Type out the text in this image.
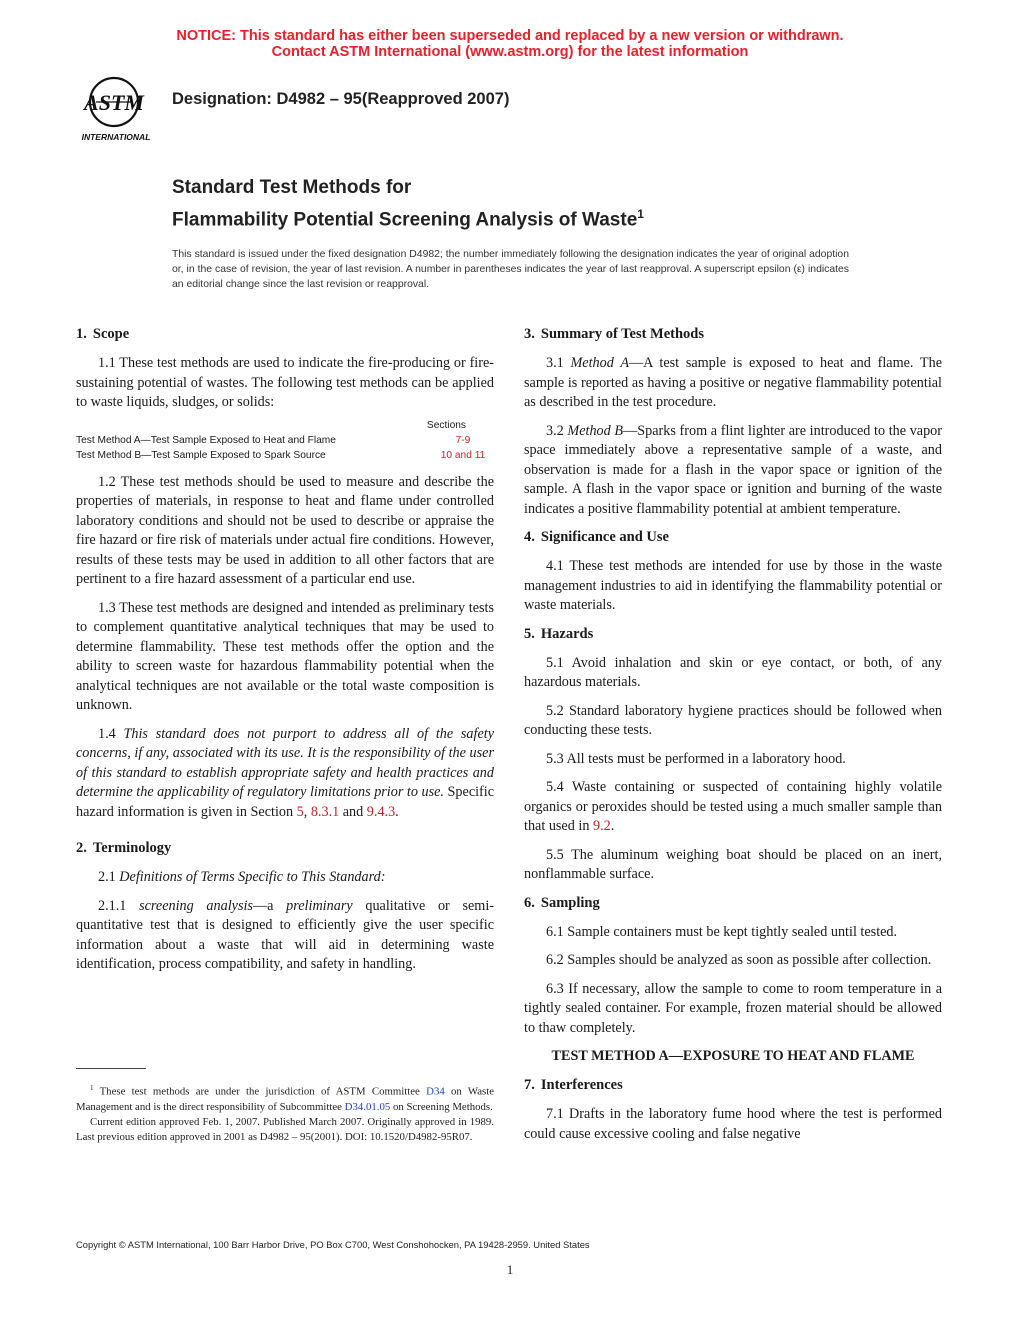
NOTICE: This standard has either been superseded and replaced by a new version or withdrawn.
Contact ASTM International (www.astm.org) for the latest information
ASTM
INTERNATIONAL
Designation: D4982 – 95(Reapproved 2007)
Standard Test Methods for
Flammability Potential Screening Analysis of Waste$^1$
This standard is issued under the fixed designation D4982; the number immediately following the designation indicates the year of original adoption or, in the case of revision, the year of last revision. A number in parentheses indicates the year of last reapproval. A superscript epsilon (ε) indicates an editorial change since the last revision or reapproval.
1. Scope

1.1 These test methods are used to indicate the fire-producing or fire-sustaining potential of wastes. The following test methods can be applied to waste liquids, sludges, or solids:

Sections
Test Method A—Test Sample Exposed to Heat and Flame	7-9
Test Method B—Test Sample Exposed to Spark Source	10 and 11

1.2 These test methods should be used to measure and describe the properties of materials, in response to heat and flame under controlled laboratory conditions and should not be used to describe or appraise the fire hazard or fire risk of materials under actual fire conditions. However, results of these tests may be used in addition to all other factors that are pertinent to a fire hazard assessment of a particular end use.

1.3 These test methods are designed and intended as preliminary tests to complement quantitative analytical techniques that may be used to determine flammability. These test methods offer the option and the ability to screen waste for hazardous flammability potential when the analytical techniques are not available or the total waste composition is unknown.

1.4 This standard does not purport to address all of the safety concerns, if any, associated with its use. It is the responsibility of the user of this standard to establish appropriate safety and health practices and determine the applicability of regulatory limitations prior to use. Specific hazard information is given in Section 5, 8.3.1 and 9.4.3.

2. Terminology

2.1 Definitions of Terms Specific to This Standard:

2.1.1 screening analysis—a preliminary qualitative or semi-quantitative test that is designed to efficiently give the user specific information about a waste that will aid in determining waste identification, process compatibility, and safety in handling.

3. Summary of Test Methods

3.1 Method A—A test sample is exposed to heat and flame. The sample is reported as having a positive or negative flammability potential as described in the test procedure.

3.2 Method B—Sparks from a flint lighter are introduced to the vapor space immediately above a representative sample of a waste, and observation is made for a flash in the vapor space or ignition of the sample. A flash in the vapor space or ignition and burning of the waste indicates a positive flammability potential at ambient temperature.

4. Significance and Use

4.1 These test methods are intended for use by those in the waste management industries to aid in identifying the flammability potential or waste materials.

5. Hazards

5.1 Avoid inhalation and skin or eye contact, or both, of any hazardous materials.

5.2 Standard laboratory hygiene practices should be followed when conducting these tests.

5.3 All tests must be performed in a laboratory hood.

5.4 Waste containing or suspected of containing highly volatile organics or peroxides should be tested using a much smaller sample than that used in 9.2.

5.5 The aluminum weighing boat should be placed on an inert, nonflammable surface.

6. Sampling

6.1 Sample containers must be kept tightly sealed until tested.

6.2 Samples should be analyzed as soon as possible after collection.

6.3 If necessary, allow the sample to come to room temperature in a tightly sealed container. For example, frozen material should be allowed to thaw completely.

TEST METHOD A—EXPOSURE TO HEAT AND FLAME
7. Interferences

7.1 Drafts in the laboratory fume hood where the test is performed could cause excessive cooling and false negative

$^1$ These test methods are under the jurisdiction of ASTM Committee D34 on Waste Management and is the direct responsibility of Subcommittee D34.01.05 on Screening Methods.

Current edition approved Feb. 1, 2007. Published March 2007. Originally approved in 1989. Last previous edition approved in 2001 as D4982 – 95(2001). DOI: 10.1520/D4982-95R07.

Copyright © ASTM International, 100 Barr Harbor Drive, PO Box C700, West Conshohocken, PA 19428-2959. United States
1
